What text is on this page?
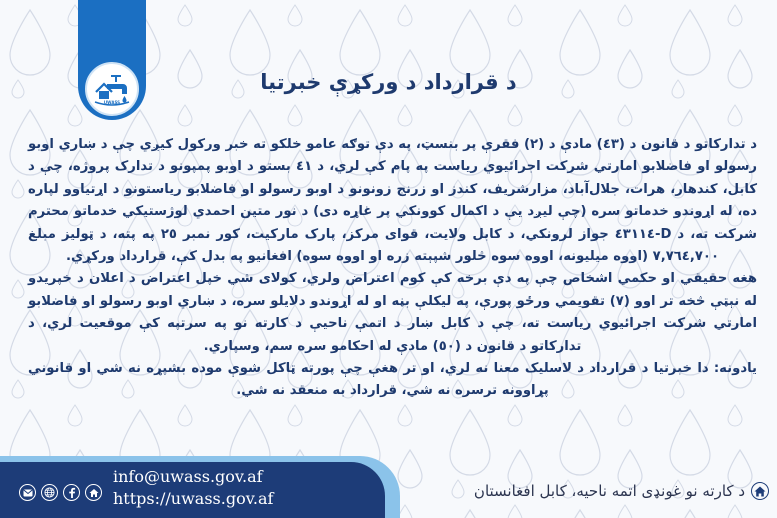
UWASS
د قرارداد د ورکړې خبرتیا

د تدارکاتو د قانون د (٤٣) مادې د (٢) فقرې پر بنسټ، په دې توګه عامو خلکو ته خبر ورکول کیږي چې د ښاري اوبو رسولو او فاضلابو امارتي شرکت اجرائیوي ریاست په پام کې لري، د ٤١ بستو د اوبو پمپونو د تدارک پروژه، چې د کابل، کندهار، هرات، جلال‌آباد، مزارشریف، کندز او زرنج زونونو د اوبو رسولو او فاضلابو ریاستونو د اړتیاوو لپاره ده، له اړوندو خدماتو سره (چې لیږد یې د اکمال کوونکي پر غاړه دی) د نور متین احمدي لوژستیکي خدماتو محترم شرکت ته، د D-٤٣١١٤ جواز لرونکي، د کابل ولایت، قوای مرکز، پارک مارکیت، کور نمبر ٢٥ په پته، د ټولیز مبلغ ٧,٧٦٤,٧٠٠ (اووه میلیونه، اووه سوه څلور شپېته زره او اووه سوه) افغانیو په بدل کې، قرارداد ورکړي.

هغه حقیقي او حکمي اشخاص چې په دې برخه کې کوم اعتراض ولري، کولای شي خپل اعتراض د اعلان د خپریدو له نېټې څخه تر اوو (٧) تقویمي ورځو پورې، په لیکلې بڼه او له اړوندو دلایلو سره، د ښاري اوبو رسولو او فاضلابو امارتي شرکت اجرائیوي ریاست ته، چې د کابل ښار د اتمې ناحیې د کارته نو په سرتپه کې موقعیت لري، د تدارکاتو د قانون د (٥٠) مادې له احکامو سره سم، وسپاري.

یادونه: دا خبرتیا د قرارداد د لاسلیک معنا نه لري، او تر هغې چې پورته ټاکل شوې موده بشپړه نه شي او قانوني پړاوونه ترسره نه شي، قرارداد به منعقد نه شي.

info@uwass.gov.af
https://uwass.gov.af	د کارته نو غونډی اتمه ناحیه، کابل افغانستان
